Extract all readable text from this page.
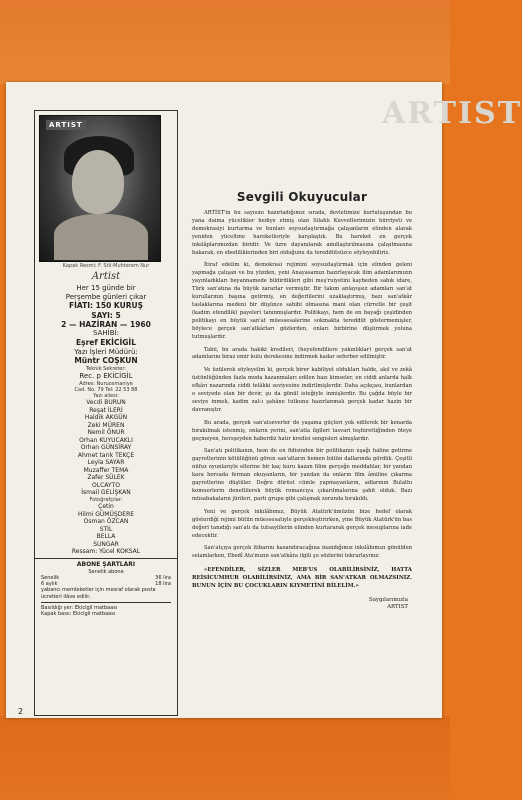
ARTIST
ARTIST
Kapak Resmi: F. Stil-Muhterem Nur
Artist
Her 15 günde bir
Perşembe günleri çıkar
FİATI: 150 KURUŞ
SAYI: 5
2 — HAZİRAN — 1960
SAHİBİ:
Eşref EKİCİGİL
Yazı İşleri Müdürü:
Müntr COŞKUN
Teknik Sekreter:
Rec. p EKİCİGİL
Adres: Nuruosmaniye
Cad. No. 79 Tel: 22 53 88
Yazı ailesi:
Vecdi BURUN
Reşat İLERİ
Haldik AKGÜN
Zeki MÜREN
Nemil ÖNUR
Orhan KUYUCAKLI
Orhan GÜNSİRAY
Ahmet tarık TEKÇE
Leyla SAYAR
Muzaffer TEMA
Zafer SÜLEK
OLCAYTO
İsmail GELİŞKAN
Fotoğrafçılar:
Çetin
Hilmi GÜMÜŞDERE
Osman ÖZCAN
STİL
BELLA
SUNGAR
Ressam: Yücel KOKSAL
ABONE ŞARTLARI
Senelik abone
Senelik	36 lira
6 aylık	18 lira
yabancı memleketler için mesraf olarak posta ücretleri ilâve edilir.
Basıldığı yer: Ekicigil matbaası
Kapak basıı: Ekicigil matbaası
Sevgili Okuyucular

ARTİST'in bu sayısını hazırladığımız sırada, devletimize kurtuluşundan bu yana daima yücelikler hediye etmiş olan Silahlı Kuvvetlerimizin hürriyeti ve demokrasiyi kurtarma ve bunları soysuzlaştırmağa çalışanların elinden alarak yeniden yüceltme hareketleriyle karşılaştık. Bu hareket en gerçek inkılâplarımızdan biridir. Ve üzre dayanılarak amıllaştırılmasına çalışılmasına bakarak, en ebediliklerinden biri olduğunu da tereddütsüzce söyleyebiliriz.

İtiraf edelim ki, demokrasi rejimini soysuzlaştırmak için elinden geleni yapmağa çalışan ve bu yüzden, yeni Anayasamızı hazırlayacak ilim adamlarımızın yayınladıkları beyannamede bildirdikleri gibi meş'ruiyetini kaybeden sabık idare, Türk san'atına da büyük zararlar vermiştir. Bir takım anlayışsız adamları san'at kurullarının başına getirmiş, en değerlilerini uzaklaştırmış, bazı san'atkâr taslaklarına medeni bir düşünce sahibi olmasına mani olan cürretle bir çeşit (kadim efendilik) payeleri tanınmışlardır. Politikayı, hem de en bayağı çeşidinden politikayı en büyük san'at müessesalerine sokmakta tereddüt göstermemişler, böylece gerçek san'atkârları gözlerden, onları birbirine düşürmek yoluna tutmuşlardır.

Tabii, bu arada hakiki kredileri, (heyefendiliere yakınlıklar) gerçek san'at adamlarını biraz emir kulu derekesine indirmek kadar seferber edilmiştir.

Ve üzülerek söyleyelim ki, gerçek birer kabiliyet oldukları halde, akıl ve zekâ üstünlüğünden fazla moda kazanmaları edilen bazı kimseler, en ciddi anlarda halk efkârı nazarında ciddi telâkki seviyesine indirilmişlerdir. Daha açıkçası, bunlardan o seviyede olan bir devir, şu da gönül isteğiyle inmişlerdir. Bu çağda böyle bir seviye inmek, kadim zat-ı şahâne tutkunu hazırlanmalı gerçek kadar hazin bir davranıştır.

Bu arada, gerçek san'atseverler de yaşama güçleri yok edilerek bir kenarda bırakılmak istenmiş, onların yerini, san'atla ilgileri tasvari teşhirettiğinden öteye geçmeyen, hersşeyden haberdiz hatır kredisi sengisleri almışlardır.

San'atı politikanın, hem de en fidisinden bir politikanın uşağı haline getirme gayretlerinin kötülüğünü gören san'atların hemen bütün dallarında gördük. Çeşitli nüfuz oyunlarıyle ellerine bir kaç kuru kazan filim gerçeğe meddahlar, bir yandan kara borsada ferman okuyanların, bir yandan da onların film âmiline çıkarma gayretlerine düştüler. Doğru dürüst cümle yapmayanların, adlarının Bulathı komuerlerin denetlilerek büyük romancıya çıkarılmalarına şahit olduk. Bazı müsabakaların jürileri, parti grupu gibi çalışmak zorunda bırakıldı.

Yeni ve gerçek inkılâbımız, Büyük Atatürk'ümüzün bize hedef olarak gösterdiği rejimi bütün müessesatıyle gerçekleştirirken, yine Büyük Atatürk'ün bas değeri tanıdığı san'atı da tutsaylilerin elinden kurtararak gerçek mesuplarına iade edecektir.

San'atçıya gerçek itibarını kazandıracağına inandığımız inkılâbımızı gönülden selamlarken, Ebedî Ata'mızın san'atkâra ilgili şu sözlerini tekrarlayınız:

«EFENDİLER, SİZLER MEB'US OLABİLİRSİNİZ, HATTA REİSİCUMHUR OLABİLİRSİNİZ, AMA BİR SAN'ATKAR OLMAZSINIZ. BUNUN İÇİN BU ÇOCUKLARIN KIYMETİNİ BİLELİM.»

Saygılarımızla
ARTIST
2
